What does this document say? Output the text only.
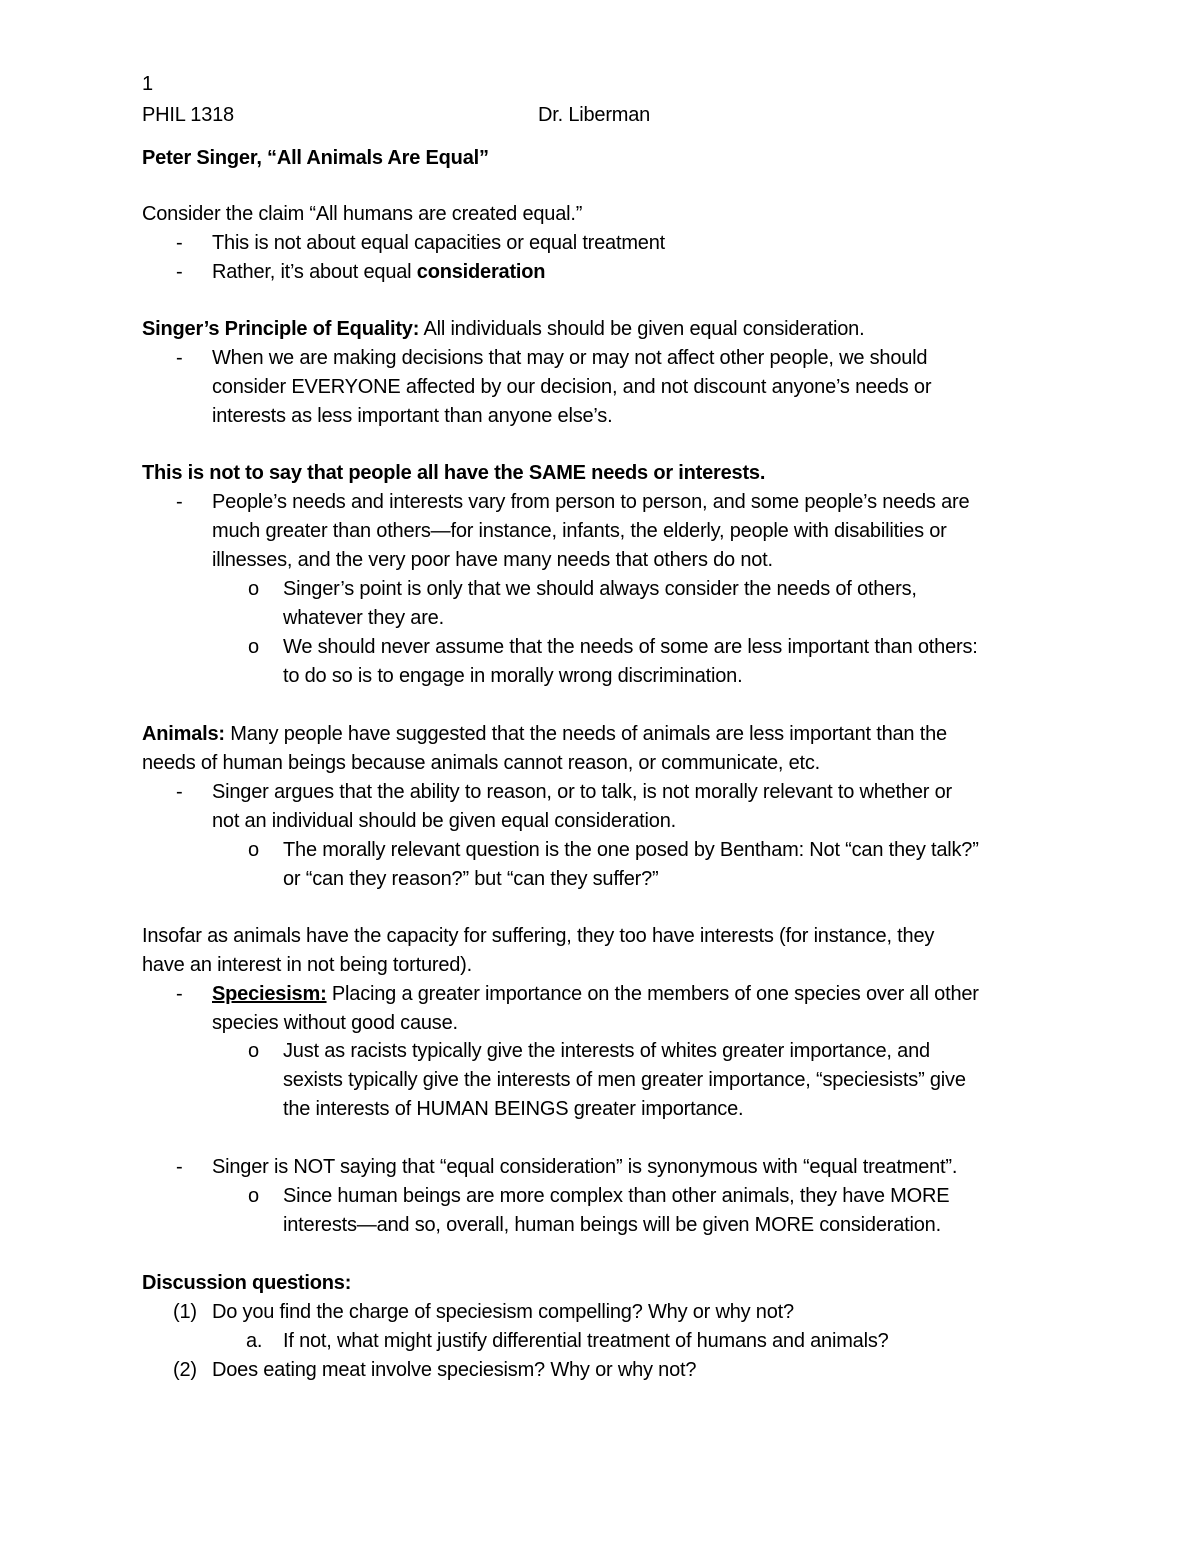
1
PHIL 1318	Dr. Liberman
Peter Singer, “All Animals Are Equal”
Consider the claim “All humans are created equal.”
- This is not about equal capacities or equal treatment
- Rather, it’s about equal consideration
Singer’s Principle of Equality: All individuals should be given equal consideration.
- When we are making decisions that may or may not affect other people, we should
consider EVERYONE affected by our decision, and not discount anyone’s needs or
interests as less important than anyone else’s.
This is not to say that people all have the SAME needs or interests.
- People’s needs and interests vary from person to person, and some people’s needs are
much greater than others—for instance, infants, the elderly, people with disabilities or
illnesses, and the very poor have many needs that others do not.
o Singer’s point is only that we should always consider the needs of others,
whatever they are.
o We should never assume that the needs of some are less important than others:
to do so is to engage in morally wrong discrimination.
Animals: Many people have suggested that the needs of animals are less important than the
needs of human beings because animals cannot reason, or communicate, etc.
- Singer argues that the ability to reason, or to talk, is not morally relevant to whether or
not an individual should be given equal consideration.
o The morally relevant question is the one posed by Bentham: Not “can they talk?”
or “can they reason?” but “can they suffer?”
Insofar as animals have the capacity for suffering, they too have interests (for instance, they
have an interest in not being tortured).
- Speciesism: Placing a greater importance on the members of one species over all other
species without good cause.
o Just as racists typically give the interests of whites greater importance, and
sexists typically give the interests of men greater importance, “speciesists” give
the interests of HUMAN BEINGS greater importance.
- Singer is NOT saying that “equal consideration” is synonymous with “equal treatment”.
o Since human beings are more complex than other animals, they have MORE
interests—and so, overall, human beings will be given MORE consideration.
Discussion questions:
(1) Do you find the charge of speciesism compelling? Why or why not?
a. If not, what might justify differential treatment of humans and animals?
(2) Does eating meat involve speciesism? Why or why not?
